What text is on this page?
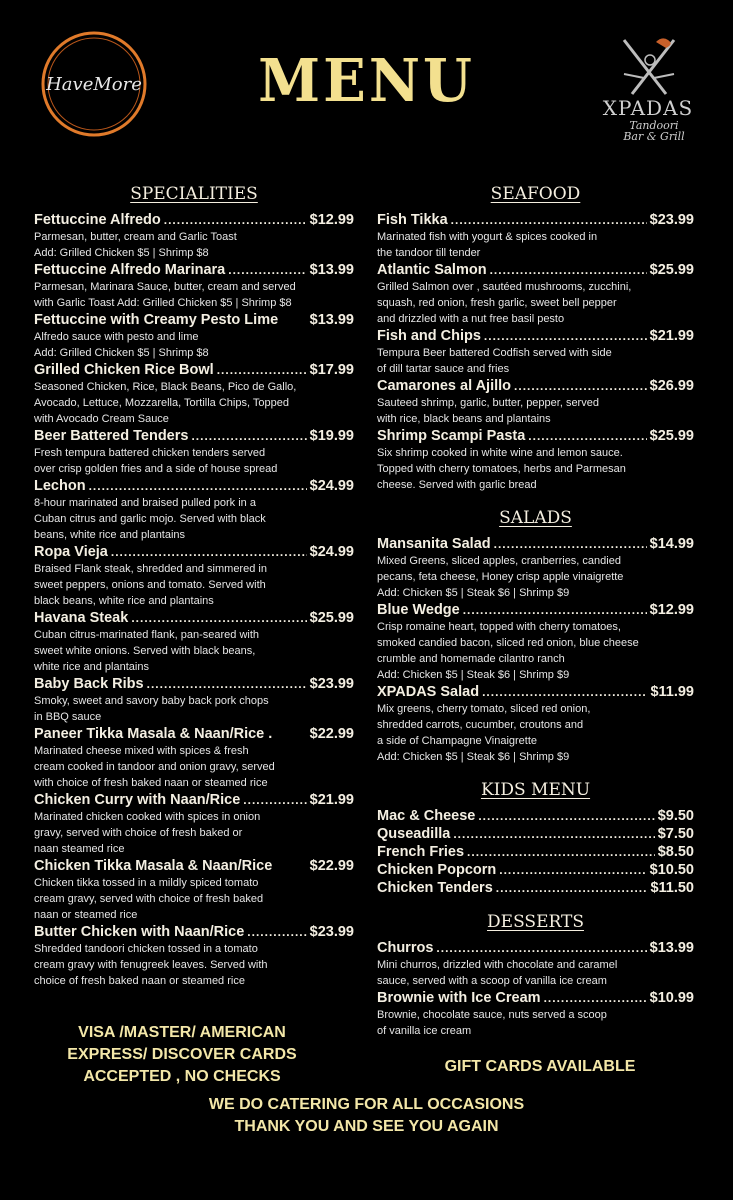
HaveMore	MENU	XPADAS
Tandoori
Bar & Grill
SPECIALITIES
Fettuccine Alfredo .....	$12.99
Parmesan, butter, cream and Garlic Toast
Add: Grilled Chicken $5 | Shrimp $8
Fettuccine Alfredo Marinara .....	$13.99
Parmesan, Marinara Sauce, butter, cream and served
with Garlic Toast Add: Grilled Chicken $5 | Shrimp $8
Fettuccine with Creamy Pesto Lime $13.99
Alfredo sauce with pesto and lime
Add: Grilled Chicken $5 | Shrimp $8
Grilled Chicken Rice Bowl .....	$17.99
Seasoned Chicken, Rice, Black Beans, Pico de Gallo,
Avocado, Lettuce, Mozzarella, Tortilla Chips, Topped
with Avocado Cream Sauce
Beer Battered Tenders .....	$19.99
Fresh tempura battered chicken tenders served
over crisp golden fries and a side of house spread
Lechon .....	$24.99
8-hour marinated and braised pulled pork in a
Cuban citrus and garlic mojo. Served with black
beans, white rice and plantains
Ropa Vieja .....	$24.99
Braised Flank steak, shredded and simmered in
sweet peppers, onions and tomato. Served with
black beans, white rice and plantains
Havana Steak .....	$25.99
Cuban citrus-marinated flank, pan-seared with
sweet white onions. Served with black beans,
white rice and plantains
Baby Back Ribs .....	$23.99
Smoky, sweet and savory baby back pork chops
in BBQ sauce
Paneer Tikka Masala & Naan/Rice .	$22.99
Marinated cheese mixed with spices & fresh
cream cooked in tandoor and onion gravy, served
with choice of fresh baked naan or steamed rice
Chicken Curry with Naan/Rice .....	$21.99
Marinated chicken cooked with spices in onion
gravy, served with choice of fresh baked or
naan steamed rice
Chicken Tikka Masala & Naan/Rice	$22.99
Chicken tikka tossed in a mildly spiced tomato
cream gravy, served with choice of fresh baked
naan or steamed rice
Butter Chicken with Naan/Rice .....	$23.99
Shredded tandoori chicken tossed in a tomato
cream gravy with fenugreek leaves. Served with
choice of fresh baked naan or steamed rice
SEAFOOD
Fish Tikka .....	$23.99
Marinated fish with yogurt & spices cooked in
the tandoor till tender
Atlantic Salmon .....	$25.99
Grilled Salmon over , sautéed mushrooms, zucchini,
squash, red onion, fresh garlic, sweet bell pepper
and drizzled with a nut free basil pesto
Fish and Chips .....	$21.99
Tempura Beer battered Codfish served with side
of dill tartar sauce and fries
Camarones al Ajillo .....	$26.99
Sauteed shrimp, garlic, butter, pepper, served
with rice, black beans and plantains
Shrimp Scampi Pasta .....	$25.99
Six shrimp cooked in white wine and lemon sauce.
Topped with cherry tomatoes, herbs and Parmesan
cheese. Served with garlic bread
SALADS
Mansanita Salad .....	$14.99
Mixed Greens, sliced apples, cranberries, candied
pecans, feta cheese, Honey crisp apple vinaigrette
Add: Chicken $5 | Steak $6 | Shrimp $9
Blue Wedge .....	$12.99
Crisp romaine heart, topped with cherry tomatoes,
smoked candied bacon, sliced red onion, blue cheese
crumble and homemade cilantro ranch
Add: Chicken $5 | Steak $6 | Shrimp $9
XPADAS Salad .....	$11.99
Mix greens, cherry tomato, sliced red onion,
shredded carrots, cucumber, croutons and
a side of Champagne Vinaigrette
Add: Chicken $5 | Steak $6 | Shrimp $9
KIDS MENU
Mac & Cheese .....	$9.50
Quseadilla .....	$7.50
French Fries .....	$8.50
Chicken Popcorn .....	$10.50
Chicken Tenders .....	$11.50
DESSERTS
Churros .....	$13.99
Mini churros, drizzled with chocolate and caramel
sauce, served with a scoop of vanilla ice cream
Brownie with Ice Cream .....	$10.99
Brownie, chocolate sauce, nuts served a scoop
of vanilla ice cream
VISA /MASTER/ AMERICAN
EXPRESS/ DISCOVER CARDS
ACCEPTED , NO CHECKS
GIFT CARDS AVAILABLE
WE DO CATERING FOR ALL OCCASIONS
THANK YOU AND SEE YOU AGAIN
